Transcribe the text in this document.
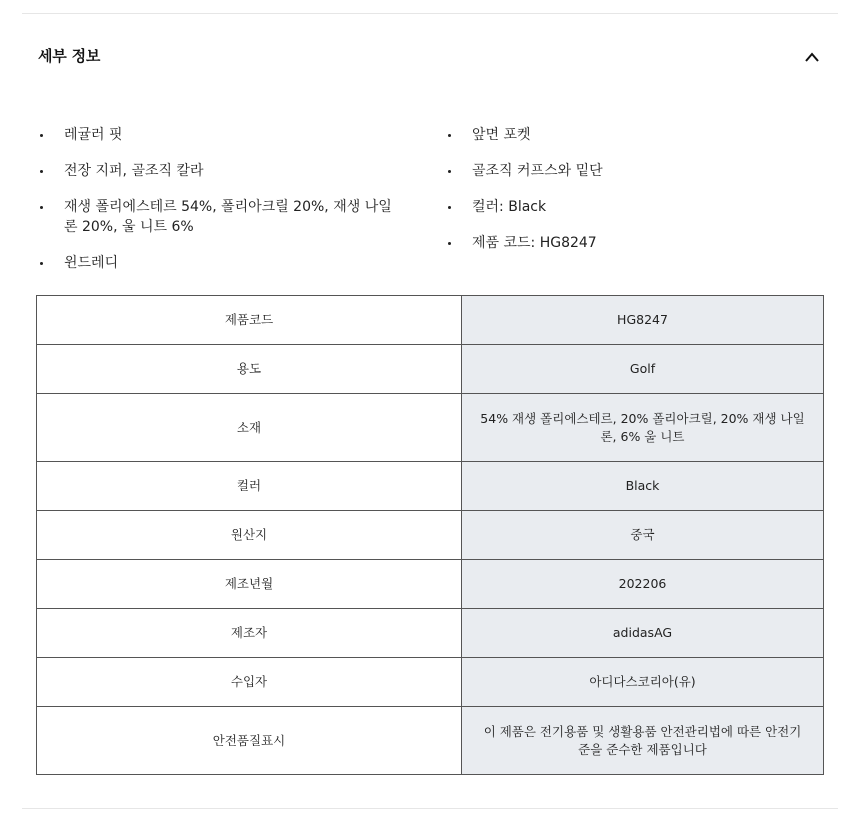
세부 정보
레귤러 핏
전장 지퍼, 골조직 칼라
재생 폴리에스테르 54%, 폴리아크릴 20%, 재생 나일론 20%, 울 니트 6%
윈드레디
앞면 포켓
골조직 커프스와 밑단
컬러: Black
제품 코드: HG8247
제품코드	HG8247
용도	Golf
소재	54% 재생 폴리에스테르, 20% 폴리아크릴, 20% 재생 나일론, 6% 울 니트
컬러	Black
원산지	중국
제조년월	202206
제조자	adidasAG
수입자	아디다스코리아(유)
안전품질표시	이 제품은 전기용품 및 생활용품 안전관리법에 따른 안전기준을 준수한 제품입니다
